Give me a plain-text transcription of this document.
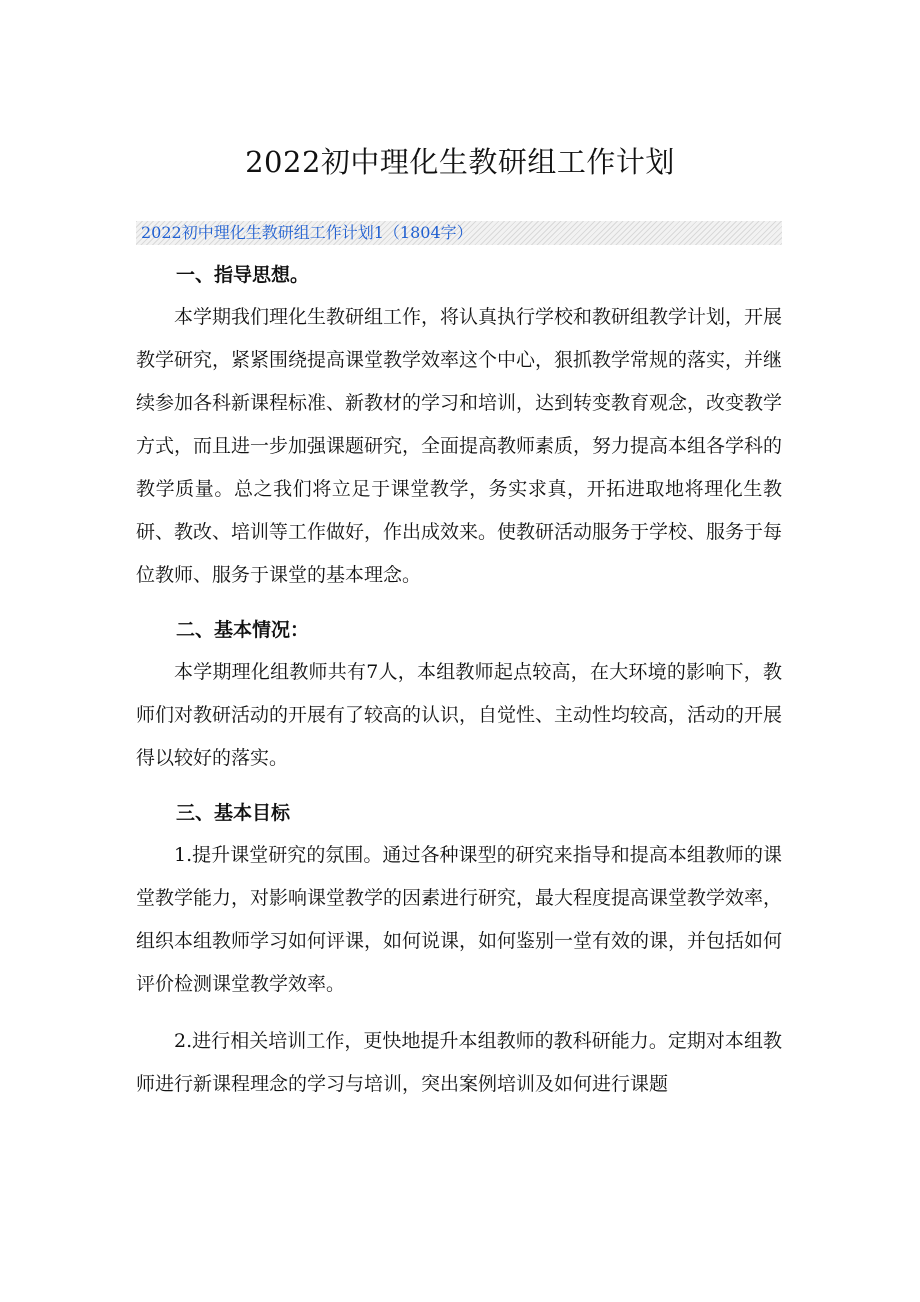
2022初中理化生教研组工作计划
2022初中理化生教研组工作计划1（1804字）
一、指导思想。

本学期我们理化生教研组工作，将认真执行学校和教研组教学计划，开展教学研究，紧紧围绕提高课堂教学效率这个中心，狠抓教学常规的落实，并继续参加各科新课程标准、新教材的学习和培训，达到转变教育观念，改变教学方式，而且进一步加强课题研究，全面提高教师素质，努力提高本组各学科的教学质量。总之我们将立足于课堂教学，务实求真，开拓进取地将理化生教研、教改、培训等工作做好，作出成效来。使教研活动服务于学校、服务于每位教师、服务于课堂的基本理念。

二、基本情况：

本学期理化组教师共有7人，本组教师起点较高，在大环境的影响下，教师们对教研活动的开展有了较高的认识，自觉性、主动性均较高，活动的开展得以较好的落实。

三、基本目标

1.提升课堂研究的氛围。通过各种课型的研究来指导和提高本组教师的课堂教学能力，对影响课堂教学的因素进行研究，最大程度提高课堂教学效率，组织本组教师学习如何评课，如何说课，如何鉴别一堂有效的课，并包括如何评价检测课堂教学效率。

2.进行相关培训工作，更快地提升本组教师的教科研能力。定期对本组教师进行新课程理念的学习与培训，突出案例培训及如何进行课题
